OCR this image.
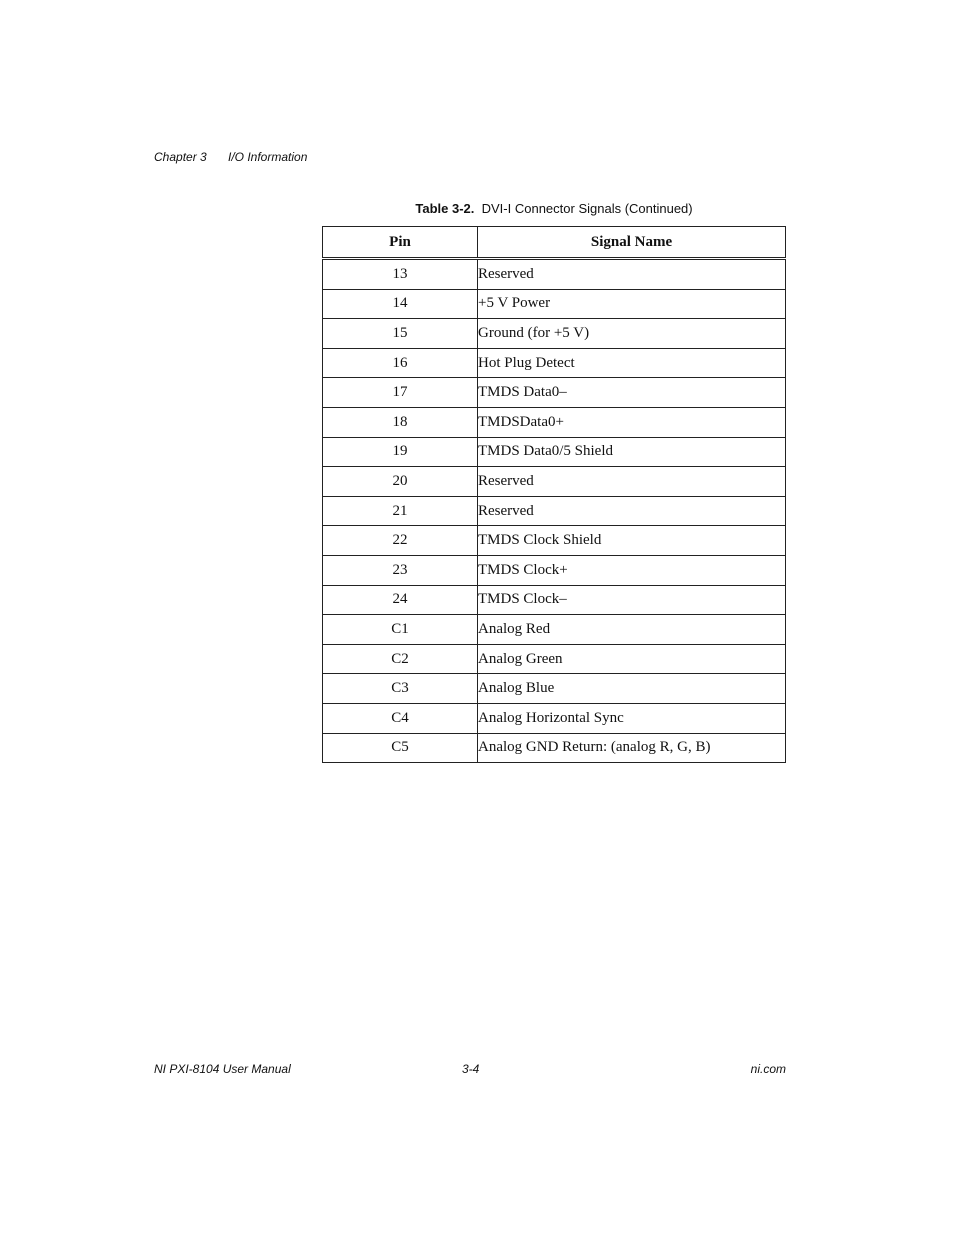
Chapter 3 I/O Information
Table 3-2. DVI-I Connector Signals (Continued)
Pin	Signal Name
13	Reserved
14	+5 V Power
15	Ground (for +5 V)
16	Hot Plug Detect
17	TMDS Data0–
18	TMDSData0+
19	TMDS Data0/5 Shield
20	Reserved
21	Reserved
22	TMDS Clock Shield
23	TMDS Clock+
24	TMDS Clock–
C1	Analog Red
C2	Analog Green
C3	Analog Blue
C4	Analog Horizontal Sync
C5	Analog GND Return: (analog R, G, B)
NI PXI-8104 User Manual	3-4	ni.com
